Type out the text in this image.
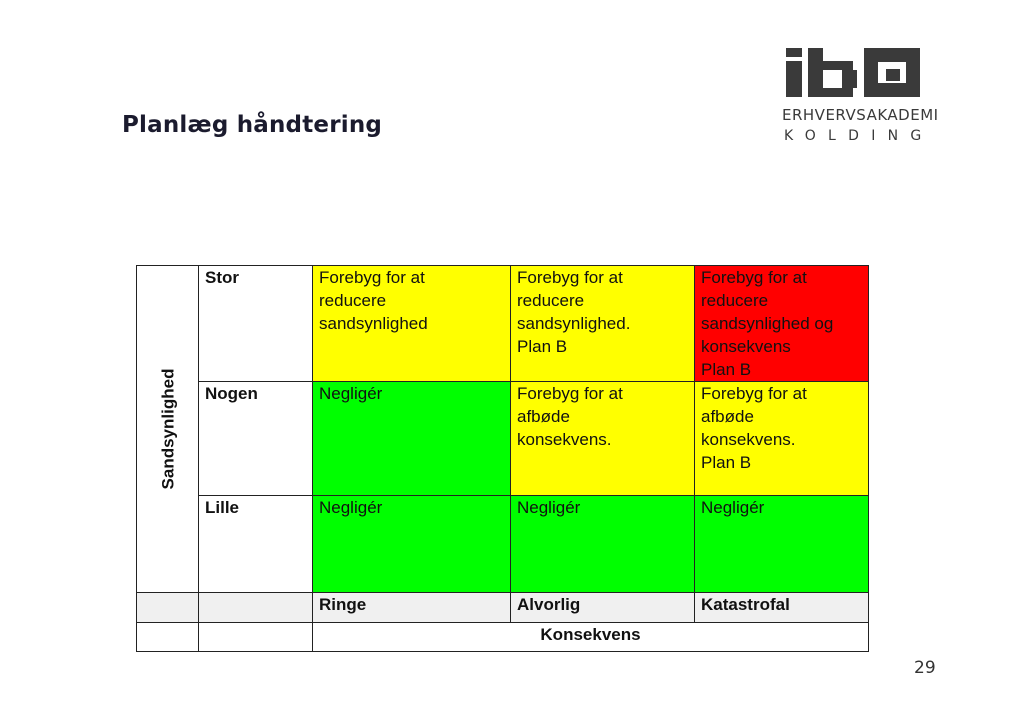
Planlæg håndtering	ERHVERVSAKADEMI
KOLDING
Sandsynlighed	Stor	Forebyg for at
reducere
sandsynlighed	Forebyg for at
reducere
sandsynlighed.
Plan B	Forebyg for at
reducere
sandsynlighed og
konsekvens
Plan B

	Nogen	Negligér	Forebyg for at
afbøde
konsekvens.	Forebyg for at
afbøde
konsekvens.
Plan B

	Lille	Negligér	Negligér	Negligér

		Ringe	Alvorlig	Katastrofal
		Konsekvens		
29
